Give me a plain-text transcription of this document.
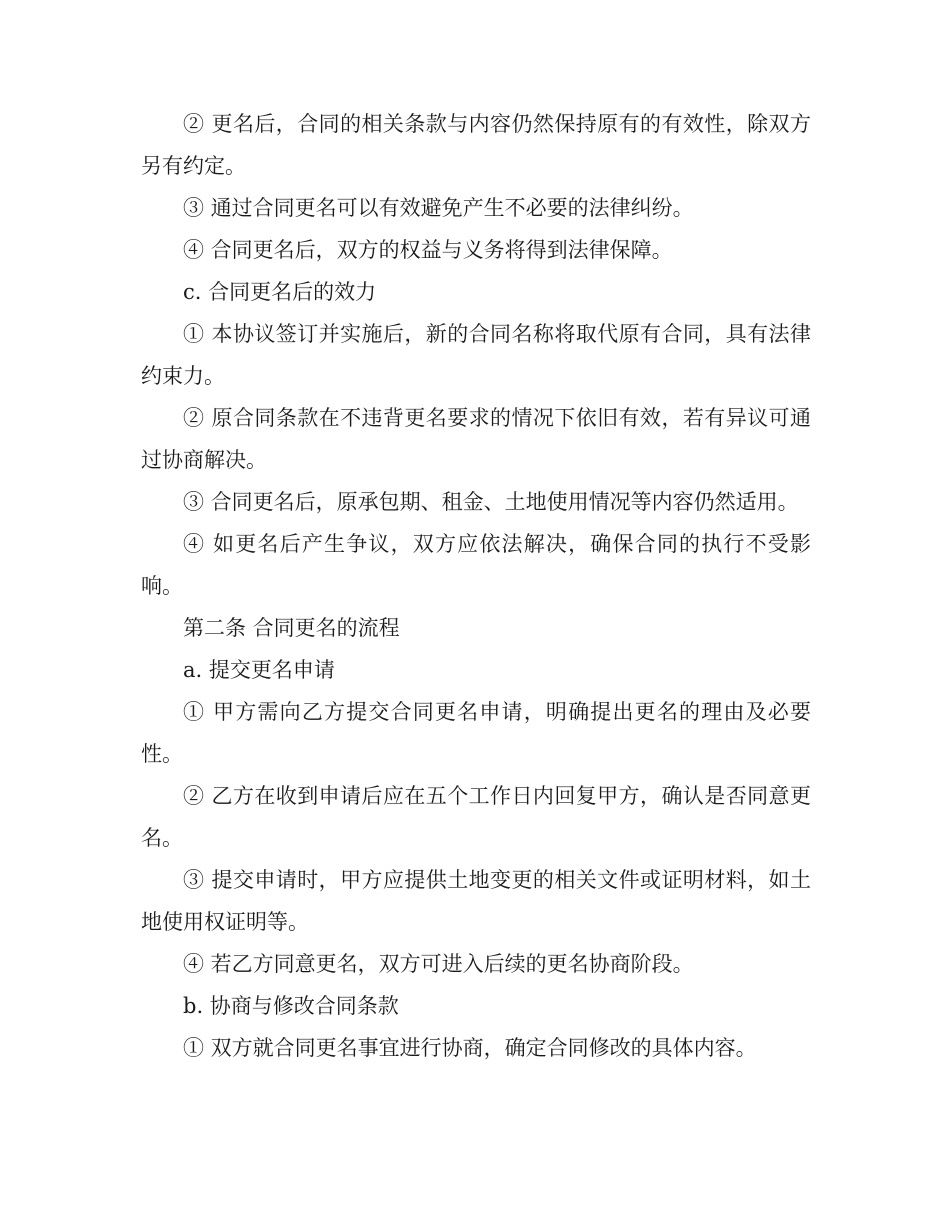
② 更名后，合同的相关条款与内容仍然保持原有的有效性，除双方另有约定。

③ 通过合同更名可以有效避免产生不必要的法律纠纷。

④ 合同更名后，双方的权益与义务将得到法律保障。

c. 合同更名后的效力

① 本协议签订并实施后，新的合同名称将取代原有合同，具有法律约束力。

② 原合同条款在不违背更名要求的情况下依旧有效，若有异议可通过协商解决。

③ 合同更名后，原承包期、租金、土地使用情况等内容仍然适用。

④ 如更名后产生争议，双方应依法解决，确保合同的执行不受影响。

第二条 合同更名的流程

a. 提交更名申请

① 甲方需向乙方提交合同更名申请，明确提出更名的理由及必要性。

② 乙方在收到申请后应在五个工作日内回复甲方，确认是否同意更名。

③ 提交申请时，甲方应提供土地变更的相关文件或证明材料，如土地使用权证明等。

④ 若乙方同意更名，双方可进入后续的更名协商阶段。

b. 协商与修改合同条款

① 双方就合同更名事宜进行协商，确定合同修改的具体内容。
